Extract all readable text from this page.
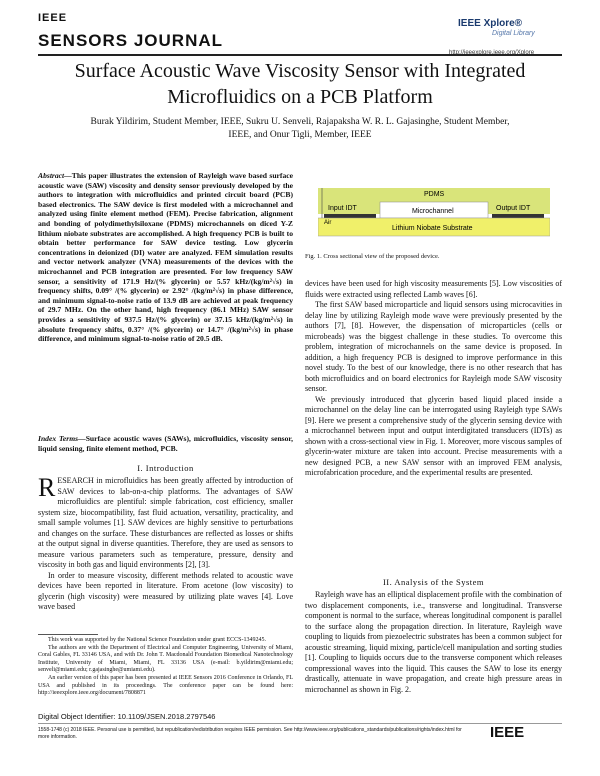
IEEE
SENSORS JOURNAL
IEEE Xplore®
Digital Library
http://ieeexplore.ieee.org/Xplore
Surface Acoustic Wave Viscosity Sensor with Integrated Microfluidics on a PCB Platform
Burak Yildirim, Student Member, IEEE, Sukru U. Senveli, Rajapaksha W. R. L. Gajasinghe, Student Member,
IEEE, and Onur Tigli, Member, IEEE
Abstract—This paper illustrates the extension of Rayleigh wave based surface acoustic wave (SAW) viscosity and density sensor previously developed by the authors to integration with microfluidics and printed circuit board (PCB) based electronics. The SAW device is first modeled with a microchannel and analyzed using finite element method (FEM). Precise fabrication, alignment and bonding of polydimethylsiloxane (PDMS) microchannels on diced Y-Z lithium niobate substrates are accomplished. A high frequency PCB is built to obtain better performance for SAW device testing. Low glycerin concentrations in deionized (DI) water are analyzed. FEM simulation results and vector network analyzer (VNA) measurements of the devices with the microchannel and PCB integration are presented. For low frequency SAW sensor, a sensitivity of 171.9 Hz/(% glycerin) or 5.57 kHz/(kg/m²√s) in frequency shifts, 0.09° /(% glycerin) or 2.92° /(kg/m²√s) in phase difference, and minimum signal-to-noise ratio of 13.9 dB are achieved at peak frequency of 29.7 MHz. On the other hand, high frequency (86.1 MHz) SAW sensor provides a sensitivity of 937.5 Hz/(% glycerin) or 37.15 kHz/(kg/m²√s) in absolute frequency shifts, 0.37° /(% glycerin) or 14.7° /(kg/m²√s) in phase difference, and minimum signal-to-noise ratio of 20.5 dB.
Index Terms—Surface acoustic waves (SAWs), microfluidics, viscosity sensor, liquid sensing, finite element method, PCB.
I. Introduction

RESEARCH in microfluidics has been greatly affected by introduction of SAW devices to lab-on-a-chip platforms. The advantages of SAW microfluidics are plentiful: simple fabrication, cost efficiency, smaller system size, biocompatibility, fast fluid actuation, versatility, practicality, and small sample volumes [1]. SAW devices are highly sensitive to perturbations and changes on the surface. These disturbances are reflected as losses or shifts at the output signal in diverse quantities. Therefore, they are used as sensors to measure various parameters such as temperature, pressure, density and viscosity in both gas and liquid environments [2], [3].

In order to measure viscosity, different methods related to acoustic wave devices have been reported in literature. From acetone (low viscosity) to glycerin (high viscosity) were measured by utilizing plate waves [4]. Love wave based

This work was supported by the National Science Foundation under grant ECCS-1349245.

The authors are with the Department of Electrical and Computer Engineering, University of Miami, Coral Gables, FL 33146 USA, and with Dr. John T. Macdonald Foundation Biomedical Nanotechnology Institute, University of Miami, Miami, FL 33136 USA (e-mail: b.yildirim@miami.edu; senveli@miami.edu; r.gajasinghe@umiami.edu).

An earlier version of this paper has been presented at IEEE Sensors 2016 Conference in Orlando, FL USA and published in its proceedings. The conference paper can be found here: http://ieeexplore.ieee.org/document/7808871

PDMS
Input IDT	Output IDT
Microchannel
Air
Lithium Niobate Substrate
Fig. 1. Cross sectional view of the proposed device.

devices have been used for high viscosity measurements [5]. Low viscosities of fluids were extracted using reflected Lamb waves [6].

The first SAW based microparticle and liquid sensors using microcavities in delay line by utilizing Rayleigh mode wave were previously presented by the authors [7], [8]. However, the dispensation of microparticles (cells or microbeads) was the biggest challenge in these studies. To overcome this problem, integration of microchannels on the same device is proposed. In addition, a high frequency PCB is designed to improve performance in this novel study. To the best of our knowledge, there is no other research that has both microfluidics and on board electronics for Rayleigh mode SAW viscosity sensor.

We previously introduced that glycerin based liquid placed inside a microchannel on the delay line can be interrogated using Rayleigh type SAWs [9]. Here we present a comprehensive study of the glycerin sensing device with a microchannel between input and output interdigitated transducers (IDTs) as shown with a cross-sectional view in Fig. 1. Moreover, more viscous samples of glycerin-water mixture are taken into account. Precise measurements with a new designed PCB, a new SAW sensor with an improved FEM analysis, microfabrication procedure, and the experimental results are presented.

II. Analysis of the System

Rayleigh wave has an elliptical displacement profile with the combination of two displacement components, i.e., transverse and longitudinal. Transverse component is normal to the surface, whereas longitudinal component is parallel to the surface along the propagation direction. In literature, Rayleigh wave coupling to liquids from piezoelectric substrates has been a common subject for acoustic streaming, liquid mixing, particle/cell manipulation and sorting studies [1]. Coupling to liquids occurs due to the transverse component which releases compressional waves into the liquid. This causes the SAW to lose its energy drastically, attenuate in wave propagation, and create high pressure areas in microchannel as shown in Fig. 2.

Digital Object Identifier: 10.1109/JSEN.2018.2797546
1558-1748 (c) 2018 IEEE. Personal use is permitted, but republication/redistribution requires IEEE permission. See http://www.ieee.org/publications_standards/publications/rights/index.html for more information.	IEEE
